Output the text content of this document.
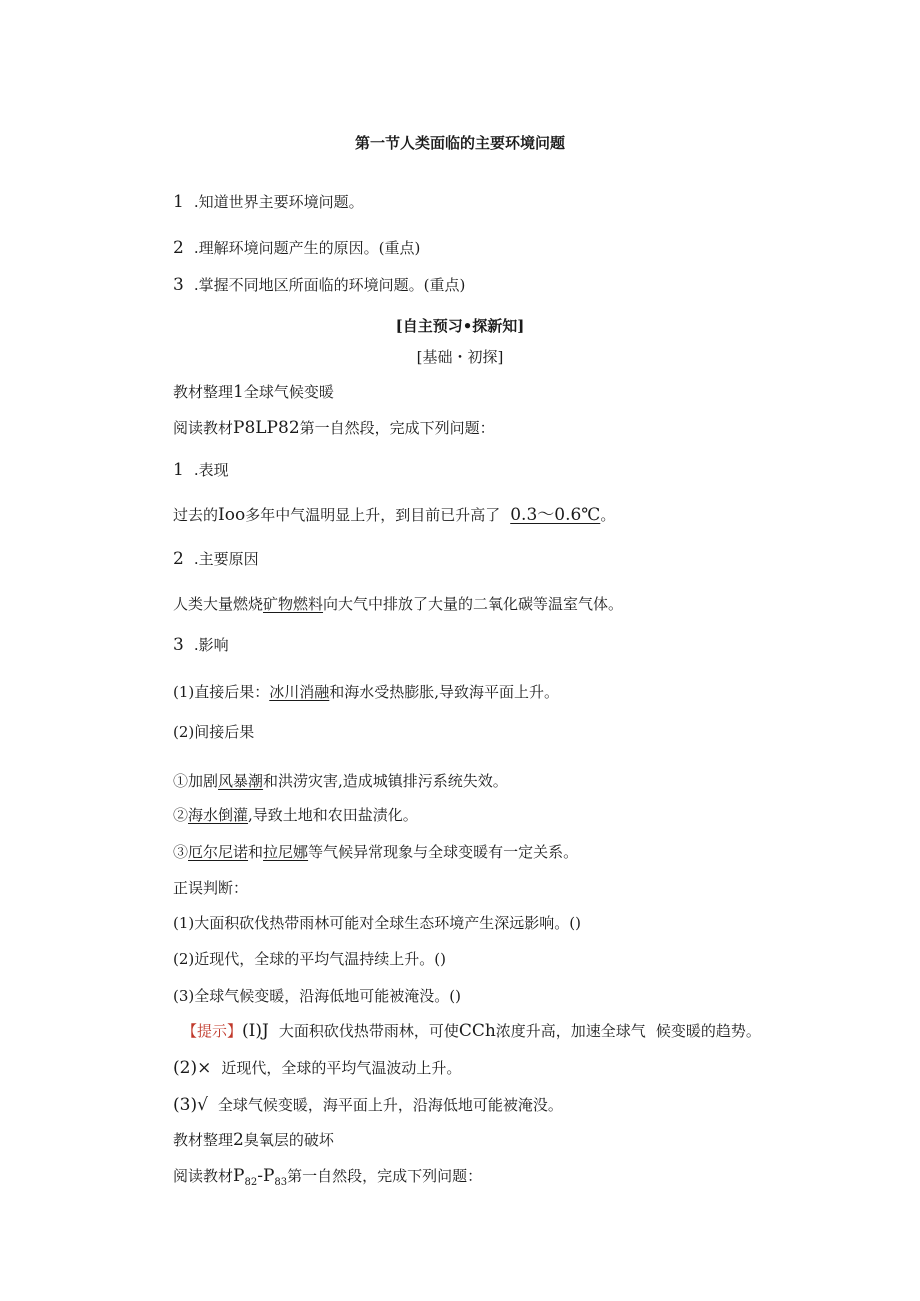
第一节人类面临的主要环境问题
1 .知道世界主要环境问题。
2 .理解环境问题产生的原因。(重点)
3 .掌握不同地区所面临的环境问题。(重点)
[自主预习•探新知]
[基础・初探]
教材整理1全球气候变暖
阅读教材P8LP82第一自然段，完成下列问题：
1 .表现
过去的Ioo多年中气温明显上升，到目前已升高了 0.3〜0.6℃。
2 .主要原因
人类大量燃烧矿物燃料向大气中排放了大量的二氧化碳等温室气体。
3 .影响
(1)直接后果：冰川消融和海水受热膨胀,导致海平面上升。
(2)间接后果
①加剧风暴潮和洪涝灾害,造成城镇排污系统失效。
②海水倒灌,导致土地和农田盐渍化。
③厄尔尼诺和拉尼娜等气候异常现象与全球变暖有一定关系。
正误判断：
(1)大面积砍伐热带雨林可能对全球生态环境产生深远影响。()
(2)近现代，全球的平均气温持续上升。()
(3)全球气候变暖，沿海低地可能被淹没。()
【提示】(I)J 大面积砍伐热带雨林，可使CCh浓度升高，加速全球气 候变暖的趋势。
(2)× 近现代，全球的平均气温波动上升。
(3)√ 全球气候变暖，海平面上升，沿海低地可能被淹没。
教材整理2臭氧层的破坏
阅读教材$P_{82}-P_{83}$第一自然段，完成下列问题：
